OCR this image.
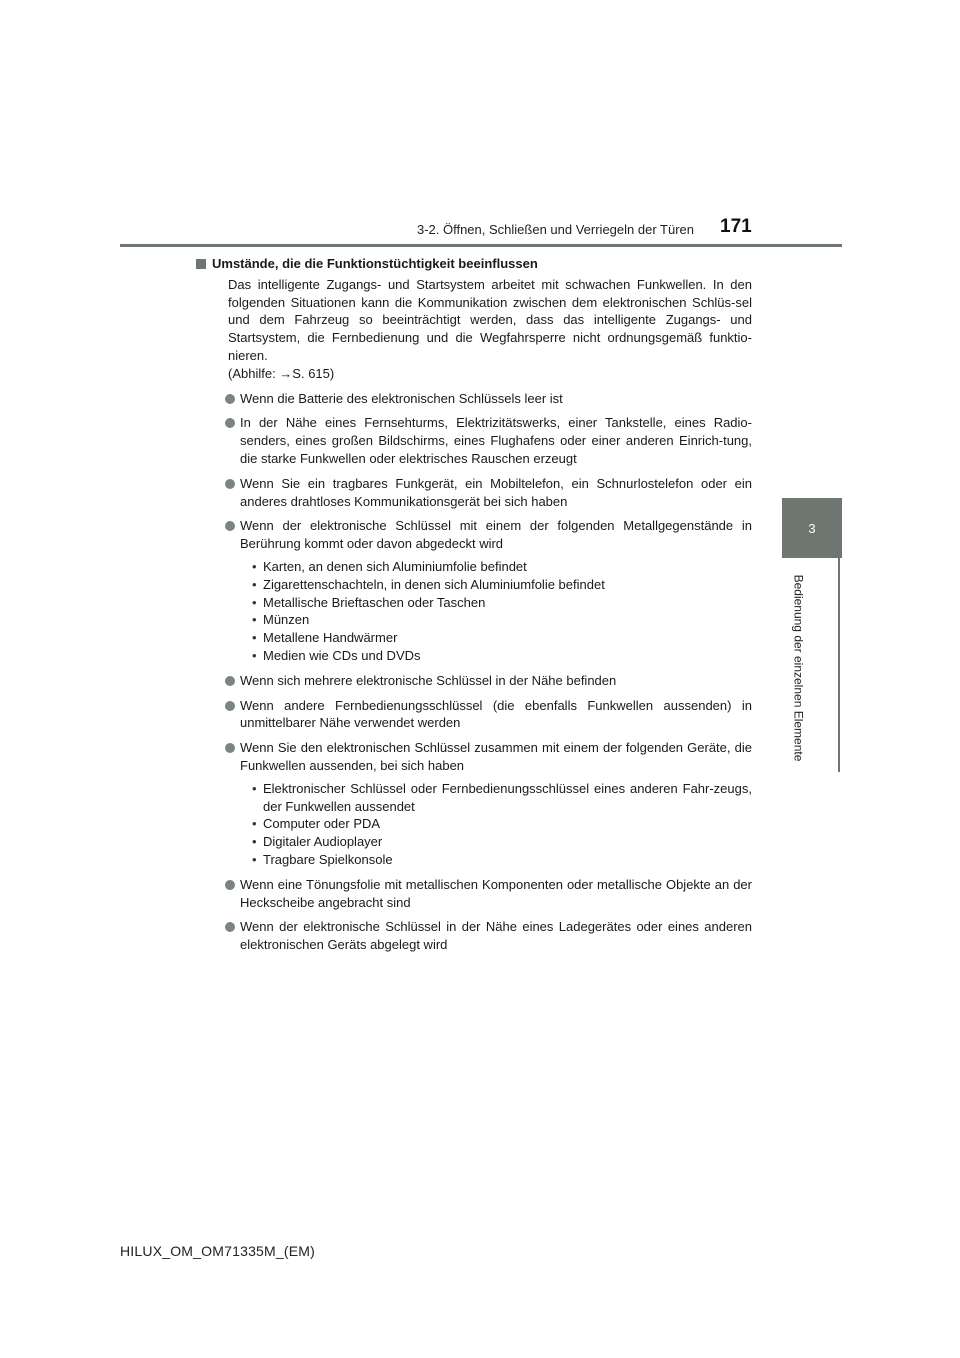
3-2. Öffnen, Schließen und Verriegeln der Türen 171
3
Bedienung der einzelnen Elemente
Umstände, die die Funktionstüchtigkeit beeinflussen

Das intelligente Zugangs- und Startsystem arbeitet mit schwachen Funkwellen. In den folgenden Situationen kann die Kommunikation zwischen dem elektronischen Schlüs-sel und dem Fahrzeug so beeinträchtigt werden, dass das intelligente Zugangs- und Startsystem, die Fernbedienung und die Wegfahrsperre nicht ordnungsgemäß funktio-nieren.

(Abhilfe: →S. 615)

Wenn die Batterie des elektronischen Schlüssels leer ist
In der Nähe eines Fernsehturms, Elektrizitätswerks, einer Tankstelle, eines Radio-senders, eines großen Bildschirms, eines Flughafens oder einer anderen Einrich-tung, die starke Funkwellen oder elektrisches Rauschen erzeugt
Wenn Sie ein tragbares Funkgerät, ein Mobiltelefon, ein Schnurlostelefon oder ein anderes drahtloses Kommunikationsgerät bei sich haben
Wenn der elektronische Schlüssel mit einem der folgenden Metallgegenstände in Berührung kommt oder davon abgedeckt wird
• Karten, an denen sich Aluminiumfolie befindet
• Zigarettenschachteln, in denen sich Aluminiumfolie befindet
• Metallische Brieftaschen oder Taschen
• Münzen
• Metallene Handwärmer
• Medien wie CDs und DVDs
Wenn sich mehrere elektronische Schlüssel in der Nähe befinden
Wenn andere Fernbedienungsschlüssel (die ebenfalls Funkwellen aussenden) in unmittelbarer Nähe verwendet werden
Wenn Sie den elektronischen Schlüssel zusammen mit einem der folgenden Geräte, die Funkwellen aussenden, bei sich haben
• Elektronischer Schlüssel oder Fernbedienungsschlüssel eines anderen Fahr-zeugs, der Funkwellen aussendet
• Computer oder PDA
• Digitaler Audioplayer
• Tragbare Spielkonsole
Wenn eine Tönungsfolie mit metallischen Komponenten oder metallische Objekte an der Heckscheibe angebracht sind
Wenn der elektronische Schlüssel in der Nähe eines Ladegerätes oder eines anderen elektronischen Geräts abgelegt wird
HILUX_OM_OM71335M_(EM)
